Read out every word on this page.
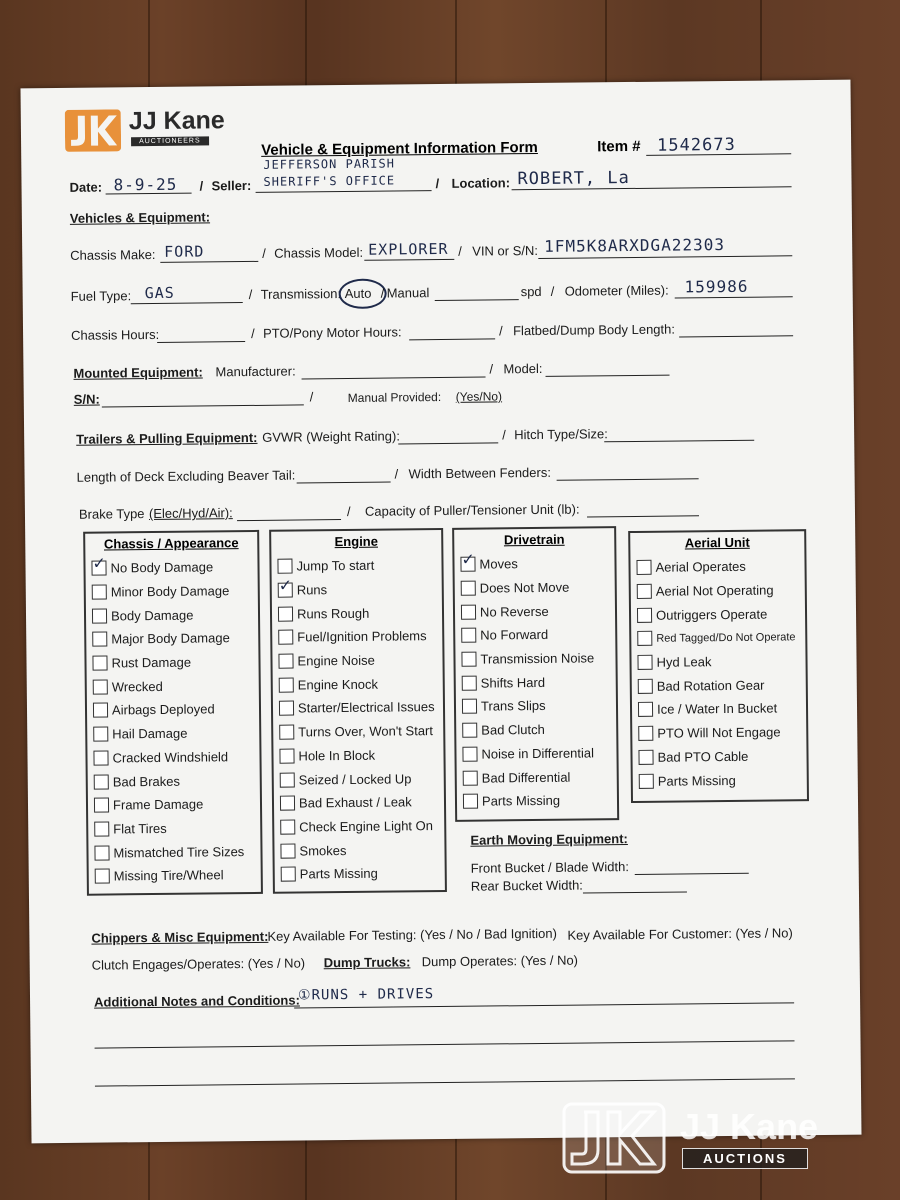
JJ Kane
AUCTIONEERS	Vehicle & Equipment Information Form	Item # 1542673
Date: 8-9-25 / Seller:
JEFFERSON PARISH
SHERIFF'S OFFICE	/ Location: ROBERT, La
Vehicles & Equipment:
Chassis Make: FORD	/ Chassis Model: EXPLORER / VIN or S/N: 1FM5K8ARXDGA22303
Fuel Type: GAS	/ Transmission: Auto / Manual	spd / Odometer (Miles): 159986
Chassis Hours:	/ PTO/Pony Motor Hours:	/ Flatbed/Dump Body Length:
Mounted Equipment: Manufacturer:	/ Model:
S/N:	/	Manual Provided: (Yes/No)
Trailers & Pulling Equipment: GVWR (Weight Rating):	/ Hitch Type/Size:
Length of Deck Excluding Beaver Tail:	/ Width Between Fenders:
Brake Type (Elec/Hyd/Air):	/ Capacity of Puller/Tensioner Unit (lb):
Chassis / Appearance
✓
No Body Damage
Minor Body Damage
Body Damage
Major Body Damage
Rust Damage
Wrecked
Airbags Deployed
Hail Damage
Cracked Windshield
Bad Brakes
Frame Damage
Flat Tires
Mismatched Tire Sizes
Missing Tire/Wheel
Engine
Jump To start
✓
Runs
Runs Rough
Fuel/Ignition Problems
Engine Noise
Engine Knock
Starter/Electrical Issues
Turns Over, Won't Start
Hole In Block
Seized / Locked Up
Bad Exhaust / Leak
Check Engine Light On
Smokes
Parts Missing
Drivetrain
✓
Moves
Does Not Move
No Reverse
No Forward
Transmission Noise
Shifts Hard
Trans Slips
Bad Clutch
Noise in Differential
Bad Differential
Parts Missing
Aerial Unit
Aerial Operates
Aerial Not Operating
Outriggers Operate
Red Tagged/Do Not Operate
Hyd Leak
Bad Rotation Gear
Ice / Water In Bucket
PTO Will Not Engage
Bad PTO Cable
Parts Missing
Earth Moving Equipment:
Front Bucket / Blade Width:
Rear Bucket Width:
Chippers & Misc Equipment:
Key Available For Testing: (Yes / No / Bad Ignition) Key Available For Customer: (Yes / No)
Clutch Engages/Operates: (Yes / No) Dump Trucks: Dump Operates: (Yes / No)
Additional Notes and Conditions:
①RUNS + DRIVES
JJ Kane
AUCTIONS
